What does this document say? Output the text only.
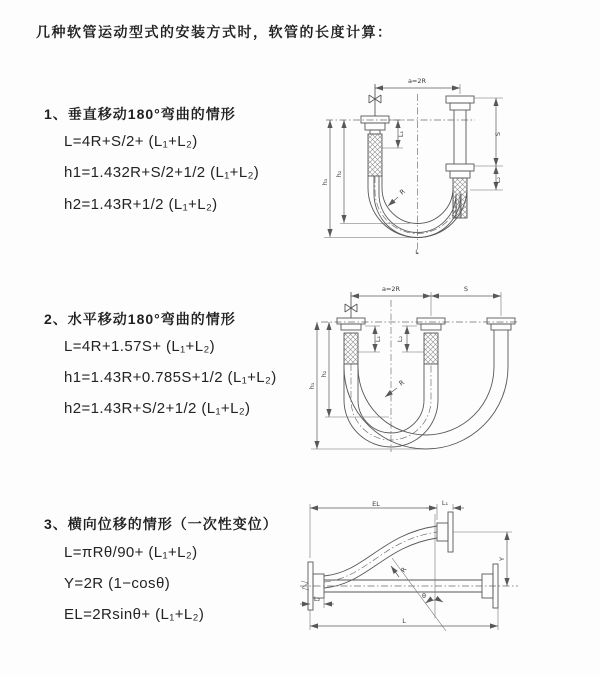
几种软管运动型式的安装方式时，软管的长度计算：
1、垂直移动180°弯曲的情形
L=4R+S/2+ (L₁+L₂)
h1=1.432R+S/2+1/2 (L₁+L₂)
h2=1.43R+1/2 (L₁+L₂)
2、水平移动180°弯曲的情形
L=4R+1.57S+ (L₁+L₂)
h1=1.43R+0.785S+1/2 (L₁+L₂)
h2=1.43R+S/2+1/2 (L₁+L₂)
3、横向位移的情形（一次性变位）
L=πRθ/90+ (L₁+L₂)
Y=2R (1−cosθ)
EL=2Rsinθ+ (L₁+L₂)
a=2R
S
L₂
h₁
h₂
L₁
R
L
a=2R	S
h₁
h₂
L₁ L₂
R
EL	L₁
Y
L
L₂
R
θ
